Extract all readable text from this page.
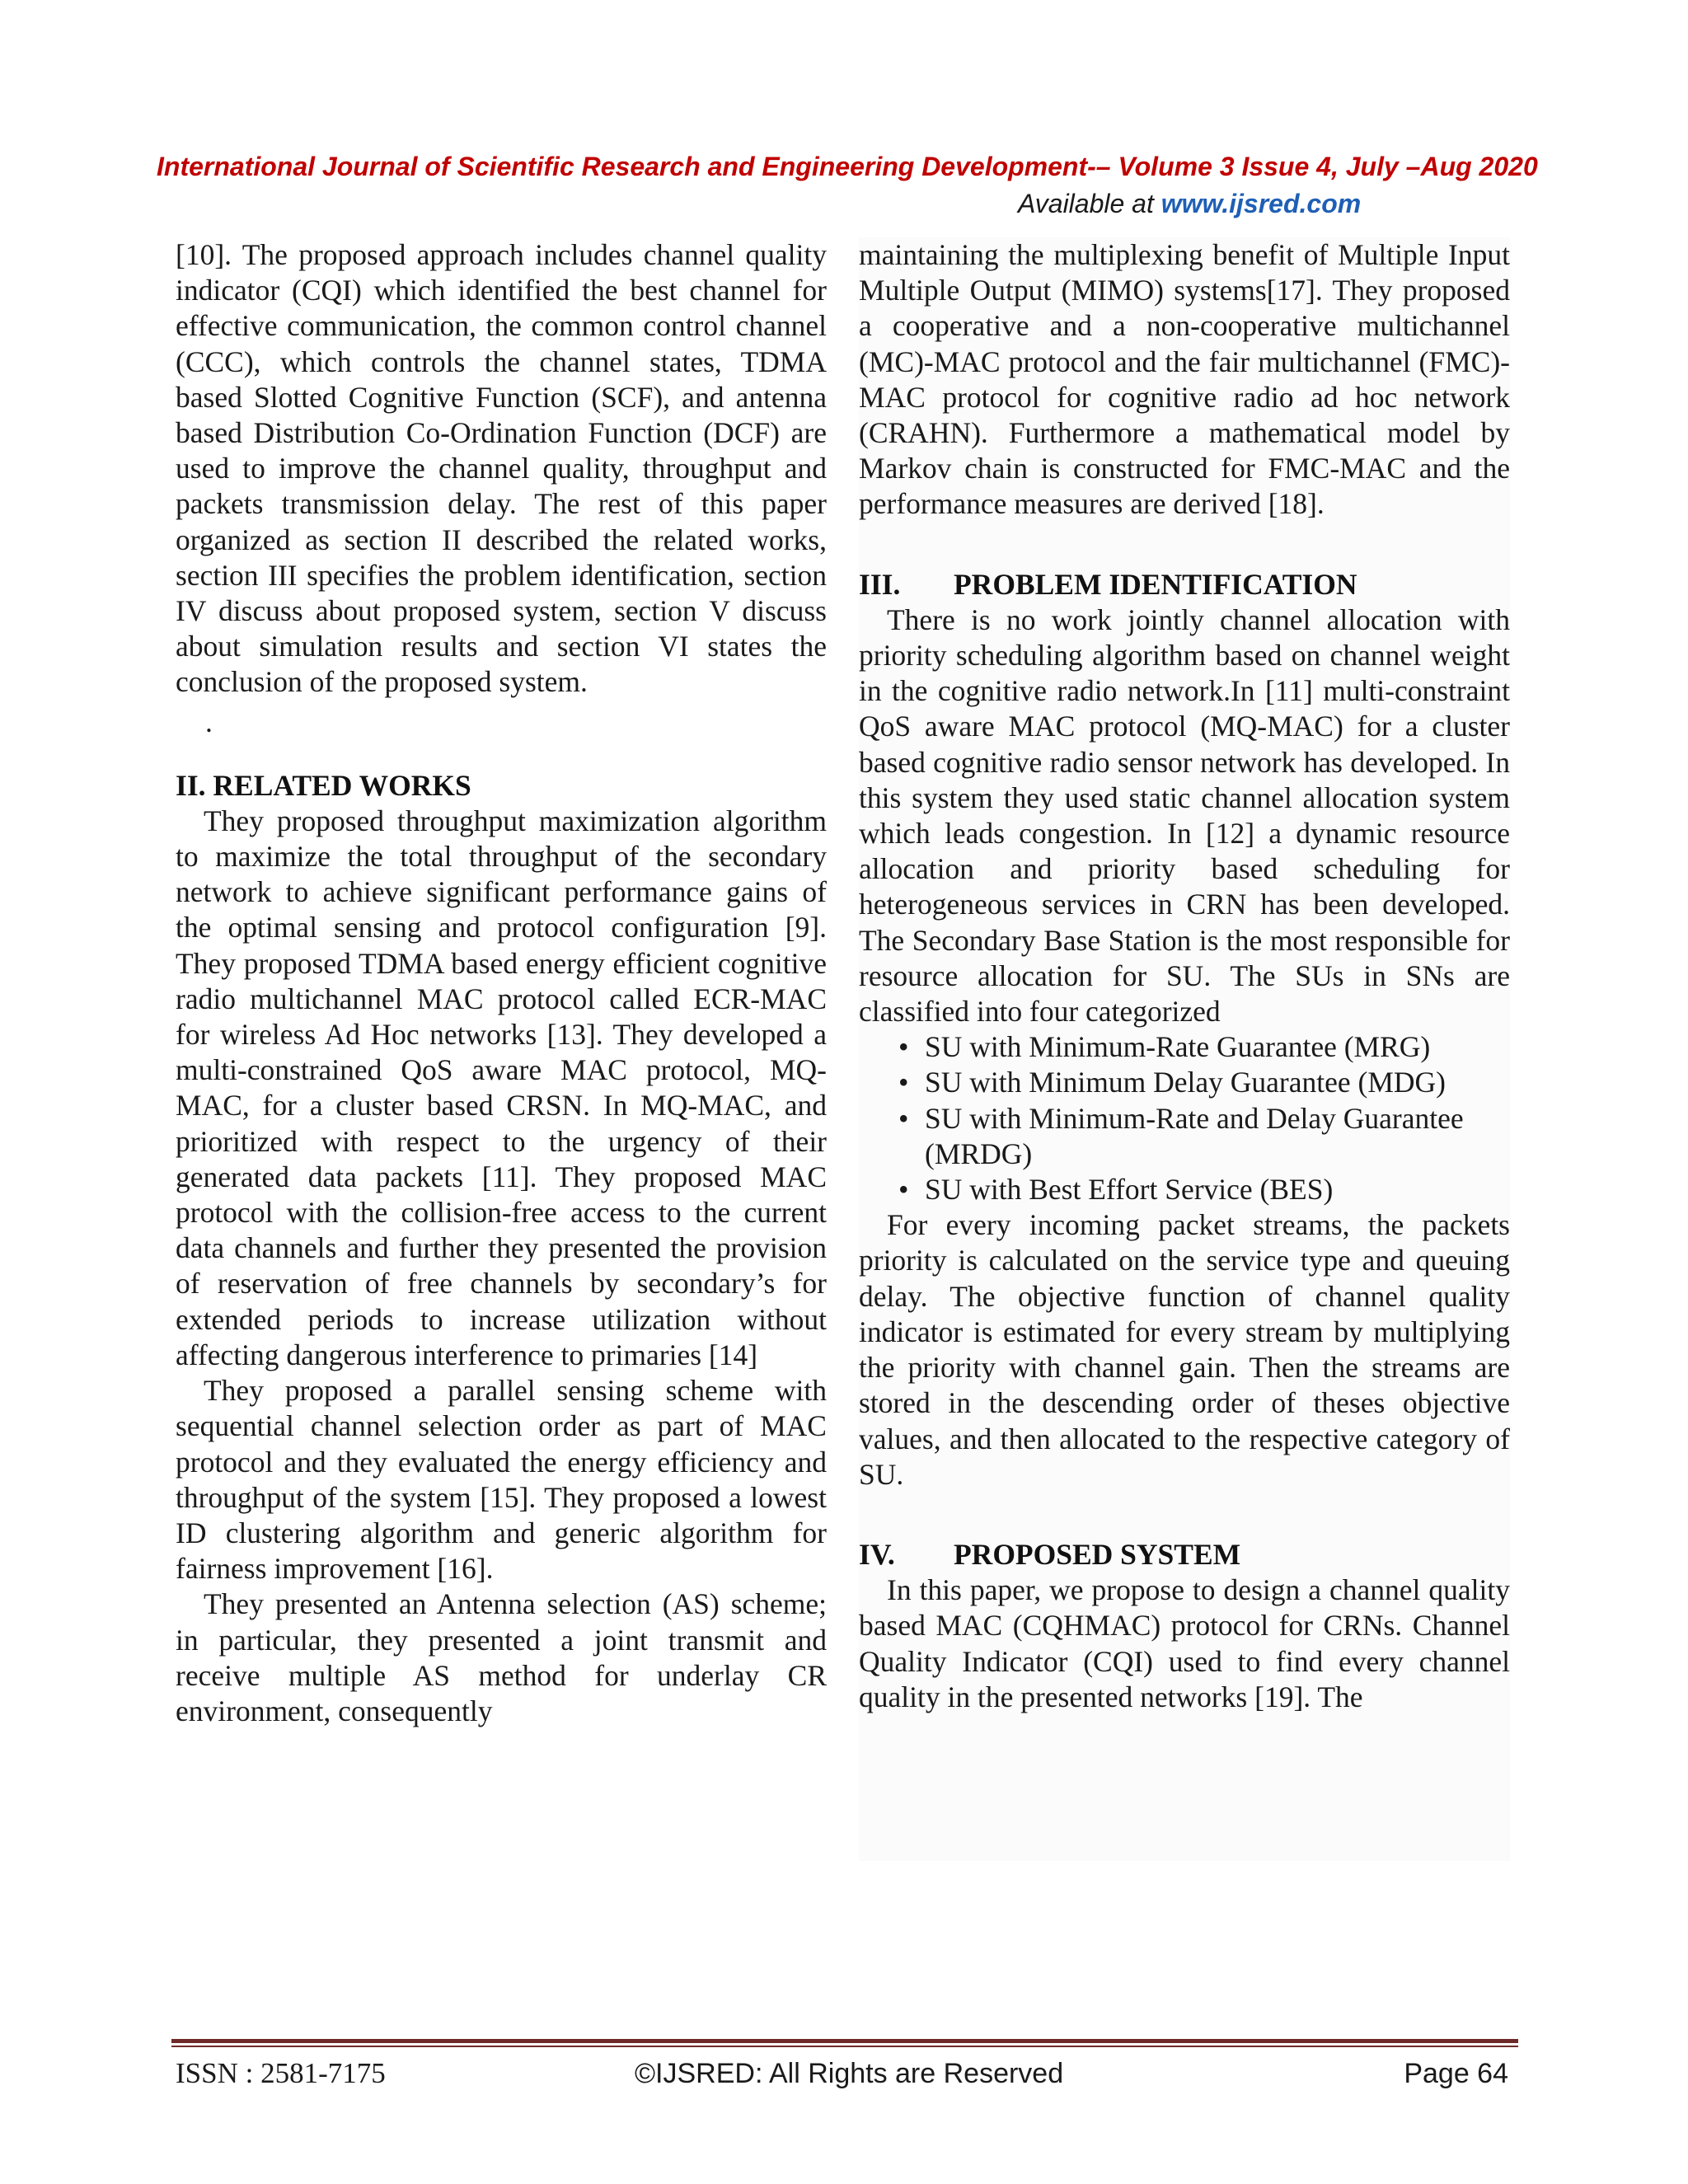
International Journal of Scientific Research and Engineering Development-– Volume 3 Issue 4, July –Aug 2020
Available at www.ijsred.com

[10]. The proposed approach includes channel quality indicator (CQI) which identified the best channel for effective communication, the common control channel (CCC), which controls the channel states, TDMA based Slotted Cognitive Function (SCF), and antenna based Distribution Co-Ordination Function (DCF) are used to improve the channel quality, throughput and packets transmission delay. The rest of this paper organized as section II described the related works, section III specifies the problem identification, section IV discuss about proposed system, section V discuss about simulation results and section VI states the conclusion of the proposed system.

.

II. RELATED WORKS

They proposed throughput maximization algorithm to maximize the total throughput of the secondary network to achieve significant performance gains of the optimal sensing and protocol configuration [9]. They proposed TDMA based energy efficient cognitive radio multichannel MAC protocol called ECR-MAC for wireless Ad Hoc networks [13]. They developed a multi-constrained QoS aware MAC protocol, MQ-MAC, for a cluster based CRSN. In MQ-MAC, and prioritized with respect to the urgency of their generated data packets [11]. They proposed MAC protocol with the collision-free access to the current data channels and further they presented the provision of reservation of free channels by secondary’s for extended periods to increase utilization without affecting dangerous interference to primaries [14]

They proposed a parallel sensing scheme with sequential channel selection order as part of MAC protocol and they evaluated the energy efficiency and throughput of the system [15]. They proposed a lowest ID clustering algorithm and generic algorithm for fairness improvement [16].

They presented an Antenna selection (AS) scheme; in particular, they presented a joint transmit and receive multiple AS method for underlay CR environment, consequently

maintaining the multiplexing benefit of Multiple Input Multiple Output (MIMO) systems[17]. They proposed a cooperative and a non-cooperative multichannel (MC)-MAC protocol and the fair multichannel (FMC)-MAC protocol for cognitive radio ad hoc network (CRAHN). Furthermore a mathematical model by Markov chain is constructed for FMC-MAC and the performance measures are derived [18].

III. PROBLEM IDENTIFICATION

There is no work jointly channel allocation with priority scheduling algorithm based on channel weight in the cognitive radio network.In [11] multi-constraint QoS aware MAC protocol (MQ-MAC) for a cluster based cognitive radio sensor network has developed. In this system they used static channel allocation system which leads congestion. In [12] a dynamic resource allocation and priority based scheduling for heterogeneous services in CRN has been developed. The Secondary Base Station is the most responsible for resource allocation for SU. The SUs in SNs are classified into four categorized

• SU with Minimum-Rate Guarantee (MRG)
• SU with Minimum Delay Guarantee (MDG)
• SU with Minimum-Rate and Delay Guarantee (MRDG)
• SU with Best Effort Service (BES)

For every incoming packet streams, the packets priority is calculated on the service type and queuing delay. The objective function of channel quality indicator is estimated for every stream by multiplying the priority with channel gain. Then the streams are stored in the descending order of theses objective values, and then allocated to the respective category of SU.

IV. PROPOSED SYSTEM

In this paper, we propose to design a channel quality based MAC (CQHMAC) protocol for CRNs. Channel Quality Indicator (CQI) used to find every channel quality in the presented networks [19]. The

ISSN : 2581-7175	©IJSRED: All Rights are Reserved	Page 64
